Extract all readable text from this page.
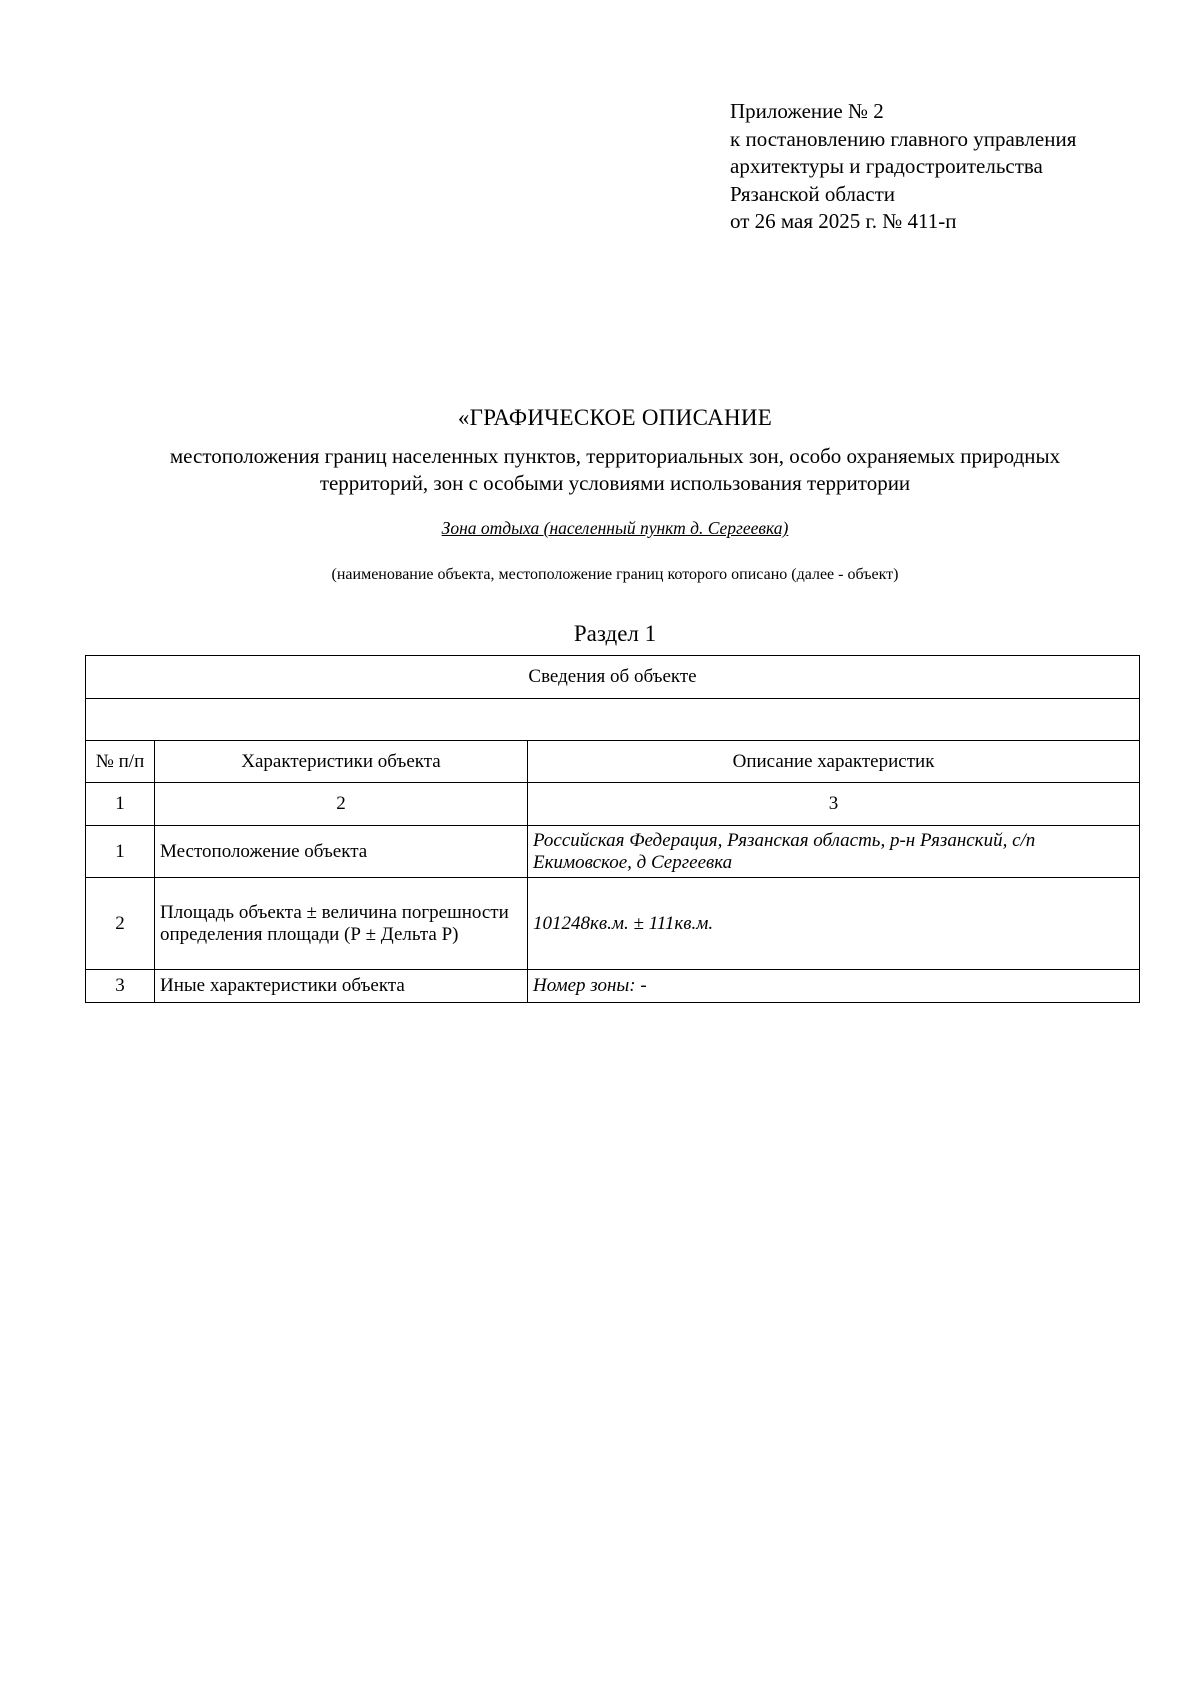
Приложение № 2
к постановлению главного управления
архитектуры и градостроительства
Рязанской области
от 26 мая 2025 г. № 411-п
«ГРАФИЧЕСКОЕ ОПИСАНИЕ
местоположения границ населенных пунктов, территориальных зон, особо охраняемых природных
территорий, зон с особыми условиями использования территории
Зона отдыха (населенный пункт д. Сергеевка)
(наименование объекта, местоположение границ которого описано (далее - объект)
Раздел 1
Сведения об объекте		

№ п/п	Характеристики объекта	Описание характеристик
1	2	3
1	Местоположение объекта	Российская Федерация, Рязанская область, р-н Рязанский, с/п Екимовское, д Сергеевка
2	Площадь объекта ± величина погрешности определения площади (Р ± Дельта Р)	101248кв.м. ± 111кв.м.
3	Иные характеристики объекта	Номер зоны: -
